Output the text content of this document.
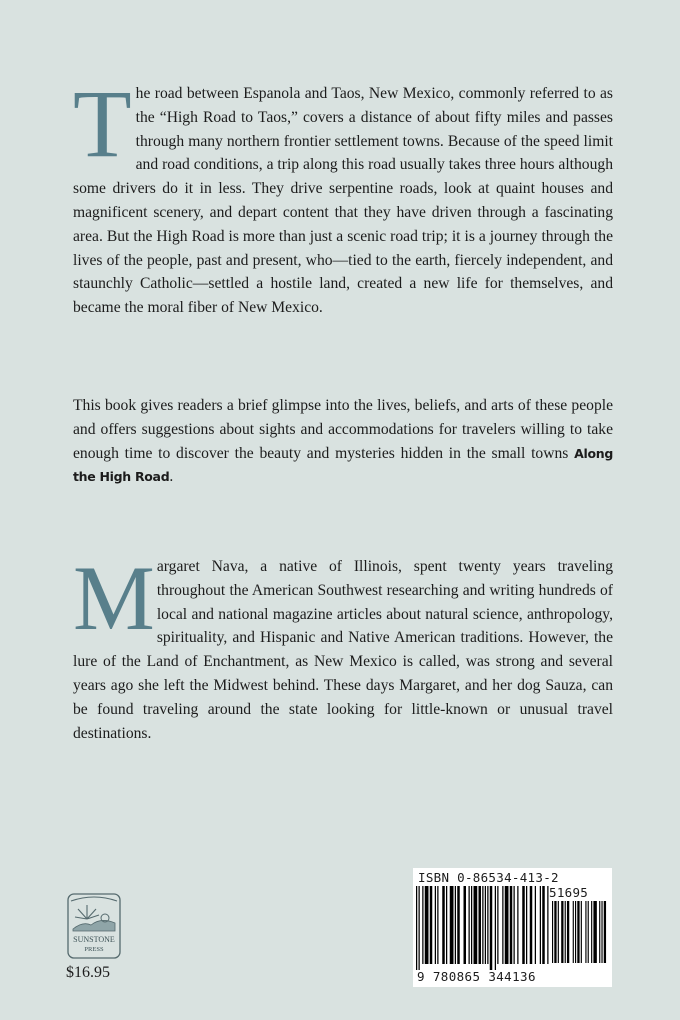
The road between Espanola and Taos, New Mexico, commonly referred to as the “High Road to Taos,” covers a distance of about fifty miles and passes through many northern frontier settlement towns. Because of the speed limit and road conditions, a trip along this road usually takes three hours although some drivers do it in less. They drive serpentine roads, look at quaint houses and magnificent scenery, and depart content that they have driven through a fascinating area. But the High Road is more than just a scenic road trip; it is a journey through the lives of the people, past and present, who—tied to the earth, fiercely independent, and staunchly Catholic—settled a hostile land, created a new life for themselves, and became the moral fiber of New Mexico.

This book gives readers a brief glimpse into the lives, beliefs, and arts of these people and offers suggestions about sights and accommodations for travelers willing to take enough time to discover the beauty and mysteries hidden in the small towns Along the High Road.

Margaret Nava, a native of Illinois, spent twenty years traveling throughout the American Southwest researching and writing hundreds of local and national magazine articles about natural science, anthropology, spirituality, and Hispanic and Native American traditions. However, the lure of the Land of Enchantment, as New Mexico is called, was strong and several years ago she left the Midwest behind. These days Margaret, and her dog Sauza, can be found traveling around the state looking for little-known or unusual travel destinations.

SUNSTONE
PRESS
$16.95
ISBN 0-86534-413-2
51695
9 780865 344136
